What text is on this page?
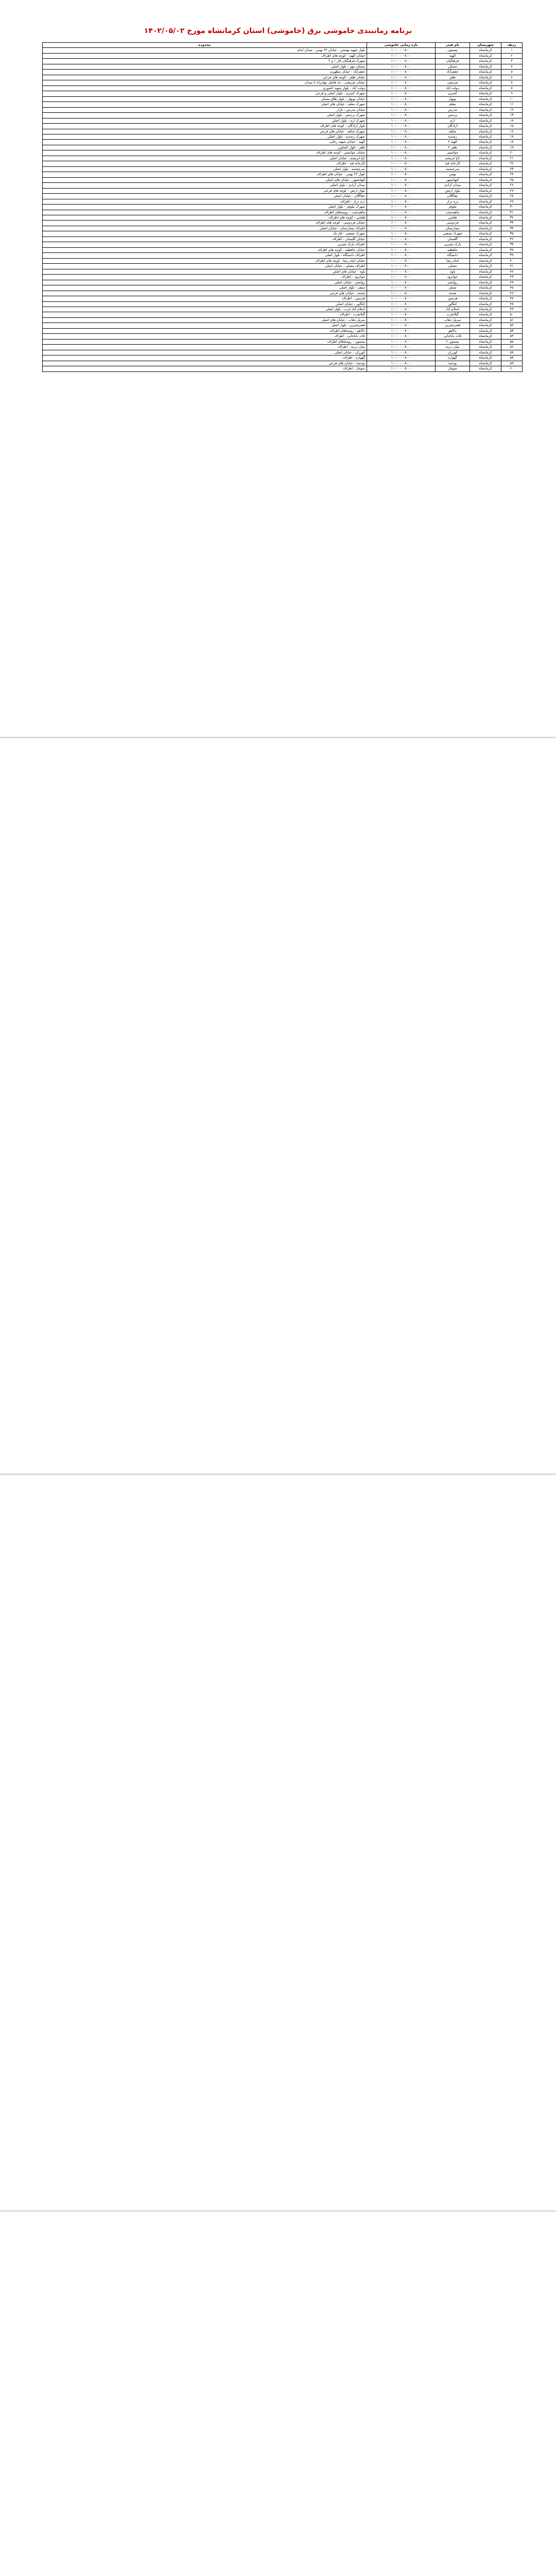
برنامه زمانبندی خاموشی برق (خاموشی) استان کرمانشاه مورخ ۱۴۰۲/۰۵/۰۲
ردیف	شهرستان	نام فیدر	بازه زمانی خاموشی	محدوده
۱	کرمانشاه	بیستون	۱۰:۰۰ - ۰۸:۰۰	بلوار شهید بهشتی - خیابان ۲۲ بهمن - میدان امام
۲	کرمانشاه	الهیه	۱۰:۰۰ - ۰۸:۰۰	خیابان الهیه - کوچه های اطراف
۳	کرمانشاه	فرهنگیان	۱۰:۰۰ - ۰۸:۰۰	شهرک فرهنگیان فاز ۱ و ۲
۴	کرمانشاه	مسکن	۱۰:۰۰ - ۰۸:۰۰	مسکن مهر - بلوار اصلی
۵	کرمانشاه	جعفرآباد	۱۰:۰۰ - ۰۸:۰۰	جعفرآباد - خیابان مطهری
۶	کرمانشاه	ظفر	۱۰:۰۰ - ۰۸:۰۰	خیابان ظفر - کوچه های فرعی
۷	کرمانشاه	شریعتی	۱۰:۰۰ - ۰۸:۰۰	خیابان شریعتی - حد فاصل چهارراه تا میدان
۸	کرمانشاه	دولت آباد	۱۰:۰۰ - ۰۸:۰۰	دولت آباد - بلوار شهید کشوری
۹	کرمانشاه	کسری	۱۰:۰۰ - ۰۸:۰۰	شهرک کسری - بلوار اصلی و فرعی
۱۰	کرمانشاه	نوبهار	۱۰:۰۰ - ۰۸:۰۰	خیابان نوبهار - بلوار طاق بستان
۱۱	کرمانشاه	معلم	۱۰:۰۰ - ۰۸:۰۰	شهرک معلم - خیابان های اصلی
۱۲	کرمانشاه	مدرس	۱۰:۰۰ - ۰۸:۰۰	خیابان مدرس - بازار
۱۳	کرمانشاه	پردیس	۱۰:۰۰ - ۰۸:۰۰	شهرک پردیس - بلوار اصلی
۱۴	کرمانشاه	ارم	۱۰:۰۰ - ۰۸:۰۰	شهرک ارم - بلوار اصلی
۱۵	کرمانشاه	آزادگان	۱۰:۰۰ - ۰۸:۰۰	بلوار آزادگان - کوچه های اطراف
۱۶	کرمانشاه	شاهد	۱۰:۰۰ - ۰۸:۰۰	شهرک شاهد - خیابان های فرعی
۱۷	کرمانشاه	رشدیه	۱۰:۰۰ - ۰۸:۰۰	شهرک رشدیه - بلوار اصلی
۱۸	کرمانشاه	الهیه ۲	۱۰:۰۰ - ۰۸:۰۰	الهیه - خیابان شهید رجایی
۱۹	کرمانشاه	ظفر ۲	۱۰:۰۰ - ۰۸:۰۰	ظفر - بلوار کشاورز
۲۰	کرمانشاه	جوانشیر	۱۰:۰۰ - ۰۸:۰۰	خیابان جوانشیر - کوچه های اطراف
۲۱	کرمانشاه	باغ ابریشم	۱۰:۰۰ - ۰۸:۰۰	باغ ابریشم - خیابان اصلی
۲۲	کرمانشاه	کارخانه قند	۱۰:۰۰ - ۰۸:۰۰	کارخانه قند - اطراف
۲۳	کرمانشاه	سرچشمه	۱۰:۰۰ - ۰۸:۰۰	سرچشمه - بلوار اصلی
۲۴	کرمانشاه	بهمن	۱۰:۰۰ - ۰۸:۰۰	بلوار ۲۲ بهمن - خیابان های اطراف
۲۵	کرمانشاه	کیهانشهر	۱۰:۰۰ - ۰۸:۰۰	کیهانشهر - خیابان های اصلی
۲۶	کرمانشاه	میدان آزادی	۱۰:۰۰ - ۰۸:۰۰	میدان آزادی - بلوار اصلی
۲۷	کرمانشاه	بلوار ارتش	۱۰:۰۰ - ۰۸:۰۰	بلوار ارتش - کوچه های فرعی
۲۸	کرمانشاه	چغاگلان	۱۰:۰۰ - ۰۸:۰۰	چغاگلان - خیابان اصلی
۲۹	کرمانشاه	دره دراز	۱۰:۰۰ - ۰۸:۰۰	دره دراز - اطراف
۳۰	کرمانشاه	نیلوفر	۱۰:۰۰ - ۰۸:۰۰	شهرک نیلوفر - بلوار اصلی
۳۱	کرمانشاه	ماهیدشت	۱۰:۰۰ - ۰۸:۰۰	ماهیدشت - روستاهای اطراف
۳۲	کرمانشاه	هلشی	۱۰:۰۰ - ۰۸:۰۰	هلشی - کوچه های اطراف
۳۳	کرمانشاه	فردوسی	۱۰:۰۰ - ۰۸:۰۰	خیابان فردوسی - کوچه های اطراف
۳۴	کرمانشاه	بیمارستان	۱۰:۰۰ - ۰۸:۰۰	اطراف بیمارستان - خیابان اصلی
۳۵	کرمانشاه	شهرک صنعتی	۱۰:۰۰ - ۰۸:۰۰	شهرک صنعتی - فاز یک
۳۶	کرمانشاه	گلستان	۱۰:۰۰ - ۰۸:۰۰	خیابان گلستان - اطراف
۳۷	کرمانشاه	پارک شیرین	۱۰:۰۰ - ۰۸:۰۰	اطراف پارک شیرین
۳۸	کرمانشاه	حافظیه	۱۰:۰۰ - ۰۸:۰۰	خیابان حافظیه - کوچه های اطراف
۳۹	کرمانشاه	دانشگاه	۱۰:۰۰ - ۰۸:۰۰	اطراف دانشگاه - بلوار اصلی
۴۰	کرمانشاه	امام رضا	۱۰:۰۰ - ۰۸:۰۰	خیابان امام رضا - کوچه های اطراف
۴۱	کرمانشاه	مصلی	۱۰:۰۰ - ۰۸:۰۰	اطراف مصلی - خیابان اصلی
۴۲	کرمانشاه	پاوه	۱۰:۰۰ - ۰۸:۰۰	پاوه - خیابان های اصلی
۴۳	کرمانشاه	جوانرود	۱۰:۰۰ - ۰۸:۰۰	جوانرود - اطراف
۴۴	کرمانشاه	روانسر	۱۰:۰۰ - ۰۸:۰۰	روانسر - خیابان اصلی
۴۵	کرمانشاه	سنقر	۱۰:۰۰ - ۰۸:۰۰	سنقر - بلوار اصلی
۴۶	کرمانشاه	صحنه	۱۰:۰۰ - ۰۸:۰۰	صحنه - خیابان های فرعی
۴۷	کرمانشاه	هرسین	۱۰:۰۰ - ۰۸:۰۰	هرسین - اطراف
۴۸	کرمانشاه	کنگاور	۱۰:۰۰ - ۰۸:۰۰	کنگاور - خیابان اصلی
۴۹	کرمانشاه	اسلام آباد	۱۰:۰۰ - ۰۸:۰۰	اسلام آباد غرب - بلوار اصلی
۵۰	کرمانشاه	گیلانغرب	۱۰:۰۰ - ۰۸:۰۰	گیلانغرب - اطراف
۵۱	کرمانشاه	سرپل ذهاب	۱۰:۰۰ - ۰۸:۰۰	سرپل ذهاب - خیابان های اصلی
۵۲	کرمانشاه	قصرشیرین	۱۰:۰۰ - ۰۸:۰۰	قصرشیرین - بلوار اصلی
۵۳	کرمانشاه	دالاهو	۱۰:۰۰ - ۰۸:۰۰	دالاهو - روستاهای اطراف
۵۴	کرمانشاه	ثلاث باباجانی	۱۰:۰۰ - ۰۸:۰۰	ثلاث باباجانی - اطراف
۵۵	کرمانشاه	بیستون ۲	۱۰:۰۰ - ۰۸:۰۰	بیستون - روستاهای اطراف
۵۶	کرمانشاه	میان دربند	۱۰:۰۰ - ۰۸:۰۰	میان دربند - اطراف
۵۷	کرمانشاه	کوزران	۱۰:۰۰ - ۰۸:۰۰	کوزران - خیابان اصلی
۵۸	کرمانشاه	گهواره	۱۰:۰۰ - ۰۸:۰۰	گهواره - اطراف
۵۹	کرمانشاه	نودشه	۱۰:۰۰ - ۰۸:۰۰	نودشه - خیابان های فرعی
۶۰	کرمانشاه	سومار	۱۰:۰۰ - ۰۸:۰۰	سومار - اطراف
